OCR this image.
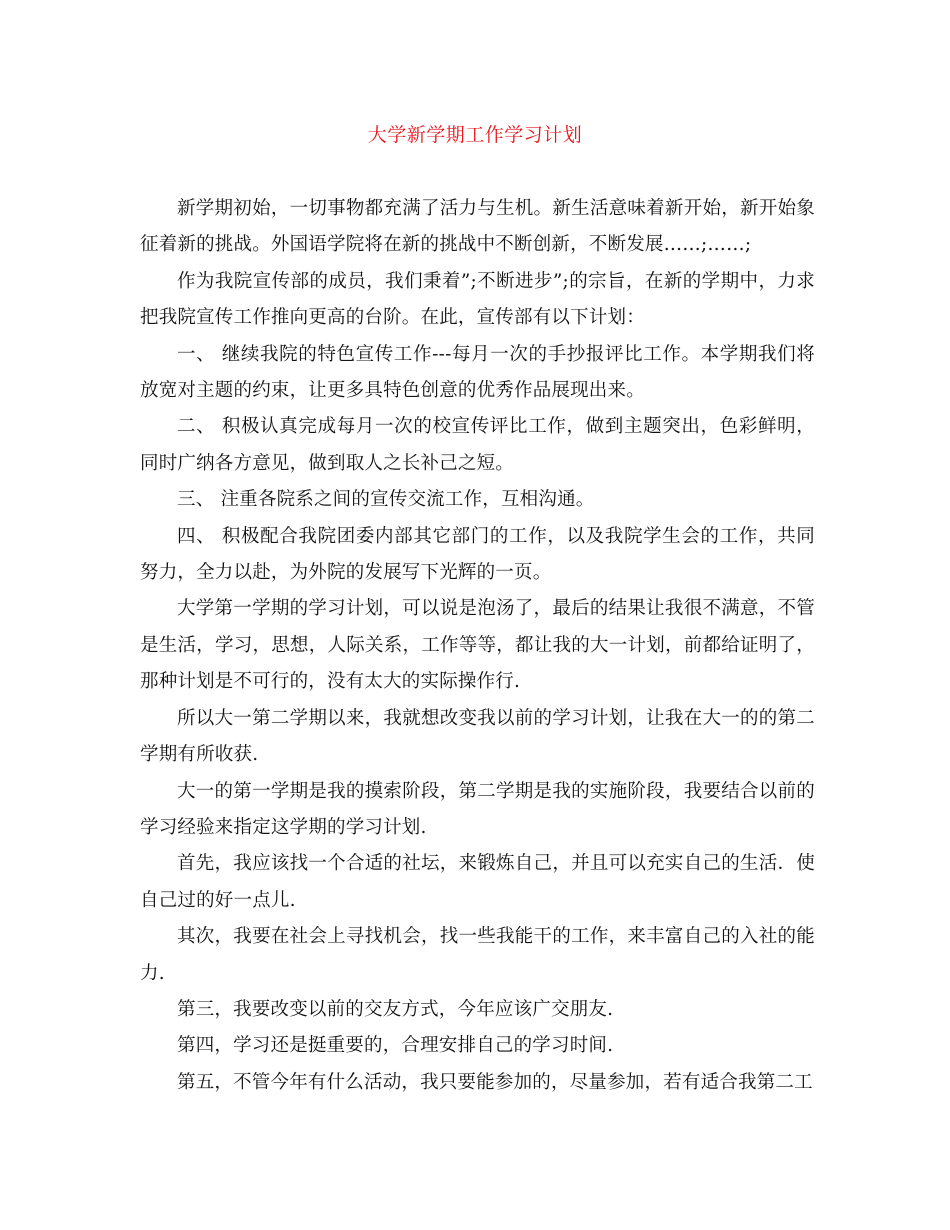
大学新学期工作学习计划

新学期初始，一切事物都充满了活力与生机。新生活意味着新开始，新开始象征着新的挑战。外国语学院将在新的挑战中不断创新，不断发展……;……;

作为我院宣传部的成员，我们秉着”;不断进步”;的宗旨，在新的学期中，力求把我院宣传工作推向更高的台阶。在此，宣传部有以下计划：

一、 继续我院的特色宣传工作---每月一次的手抄报评比工作。本学期我们将放宽对主题的约束，让更多具特色创意的优秀作品展现出来。

二、 积极认真完成每月一次的校宣传评比工作，做到主题突出，色彩鲜明，同时广纳各方意见，做到取人之长补己之短。

三、 注重各院系之间的宣传交流工作，互相沟通。

四、 积极配合我院团委内部其它部门的工作，以及我院学生会的工作，共同努力，全力以赴，为外院的发展写下光辉的一页。

大学第一学期的学习计划，可以说是泡汤了，最后的结果让我很不满意，不管是生活，学习，思想，人际关系，工作等等，都让我的大一计划，前都给证明了，那种计划是不可行的，没有太大的实际操作行.

所以大一第二学期以来，我就想改变我以前的学习计划，让我在大一的的第二学期有所收获.

大一的第一学期是我的摸索阶段，第二学期是我的实施阶段，我要结合以前的学习经验来指定这学期的学习计划.

首先，我应该找一个合适的社坛，来锻炼自己，并且可以充实自己的生活．使自己过的好一点儿.

其次，我要在社会上寻找机会，找一些我能干的工作，来丰富自己的入社的能力.

第三，我要改变以前的交友方式，今年应该广交朋友.

第四，学习还是挺重要的，合理安排自己的学习时间.

第五，不管今年有什么活动，我只要能参加的，尽量参加，若有适合我第二工
